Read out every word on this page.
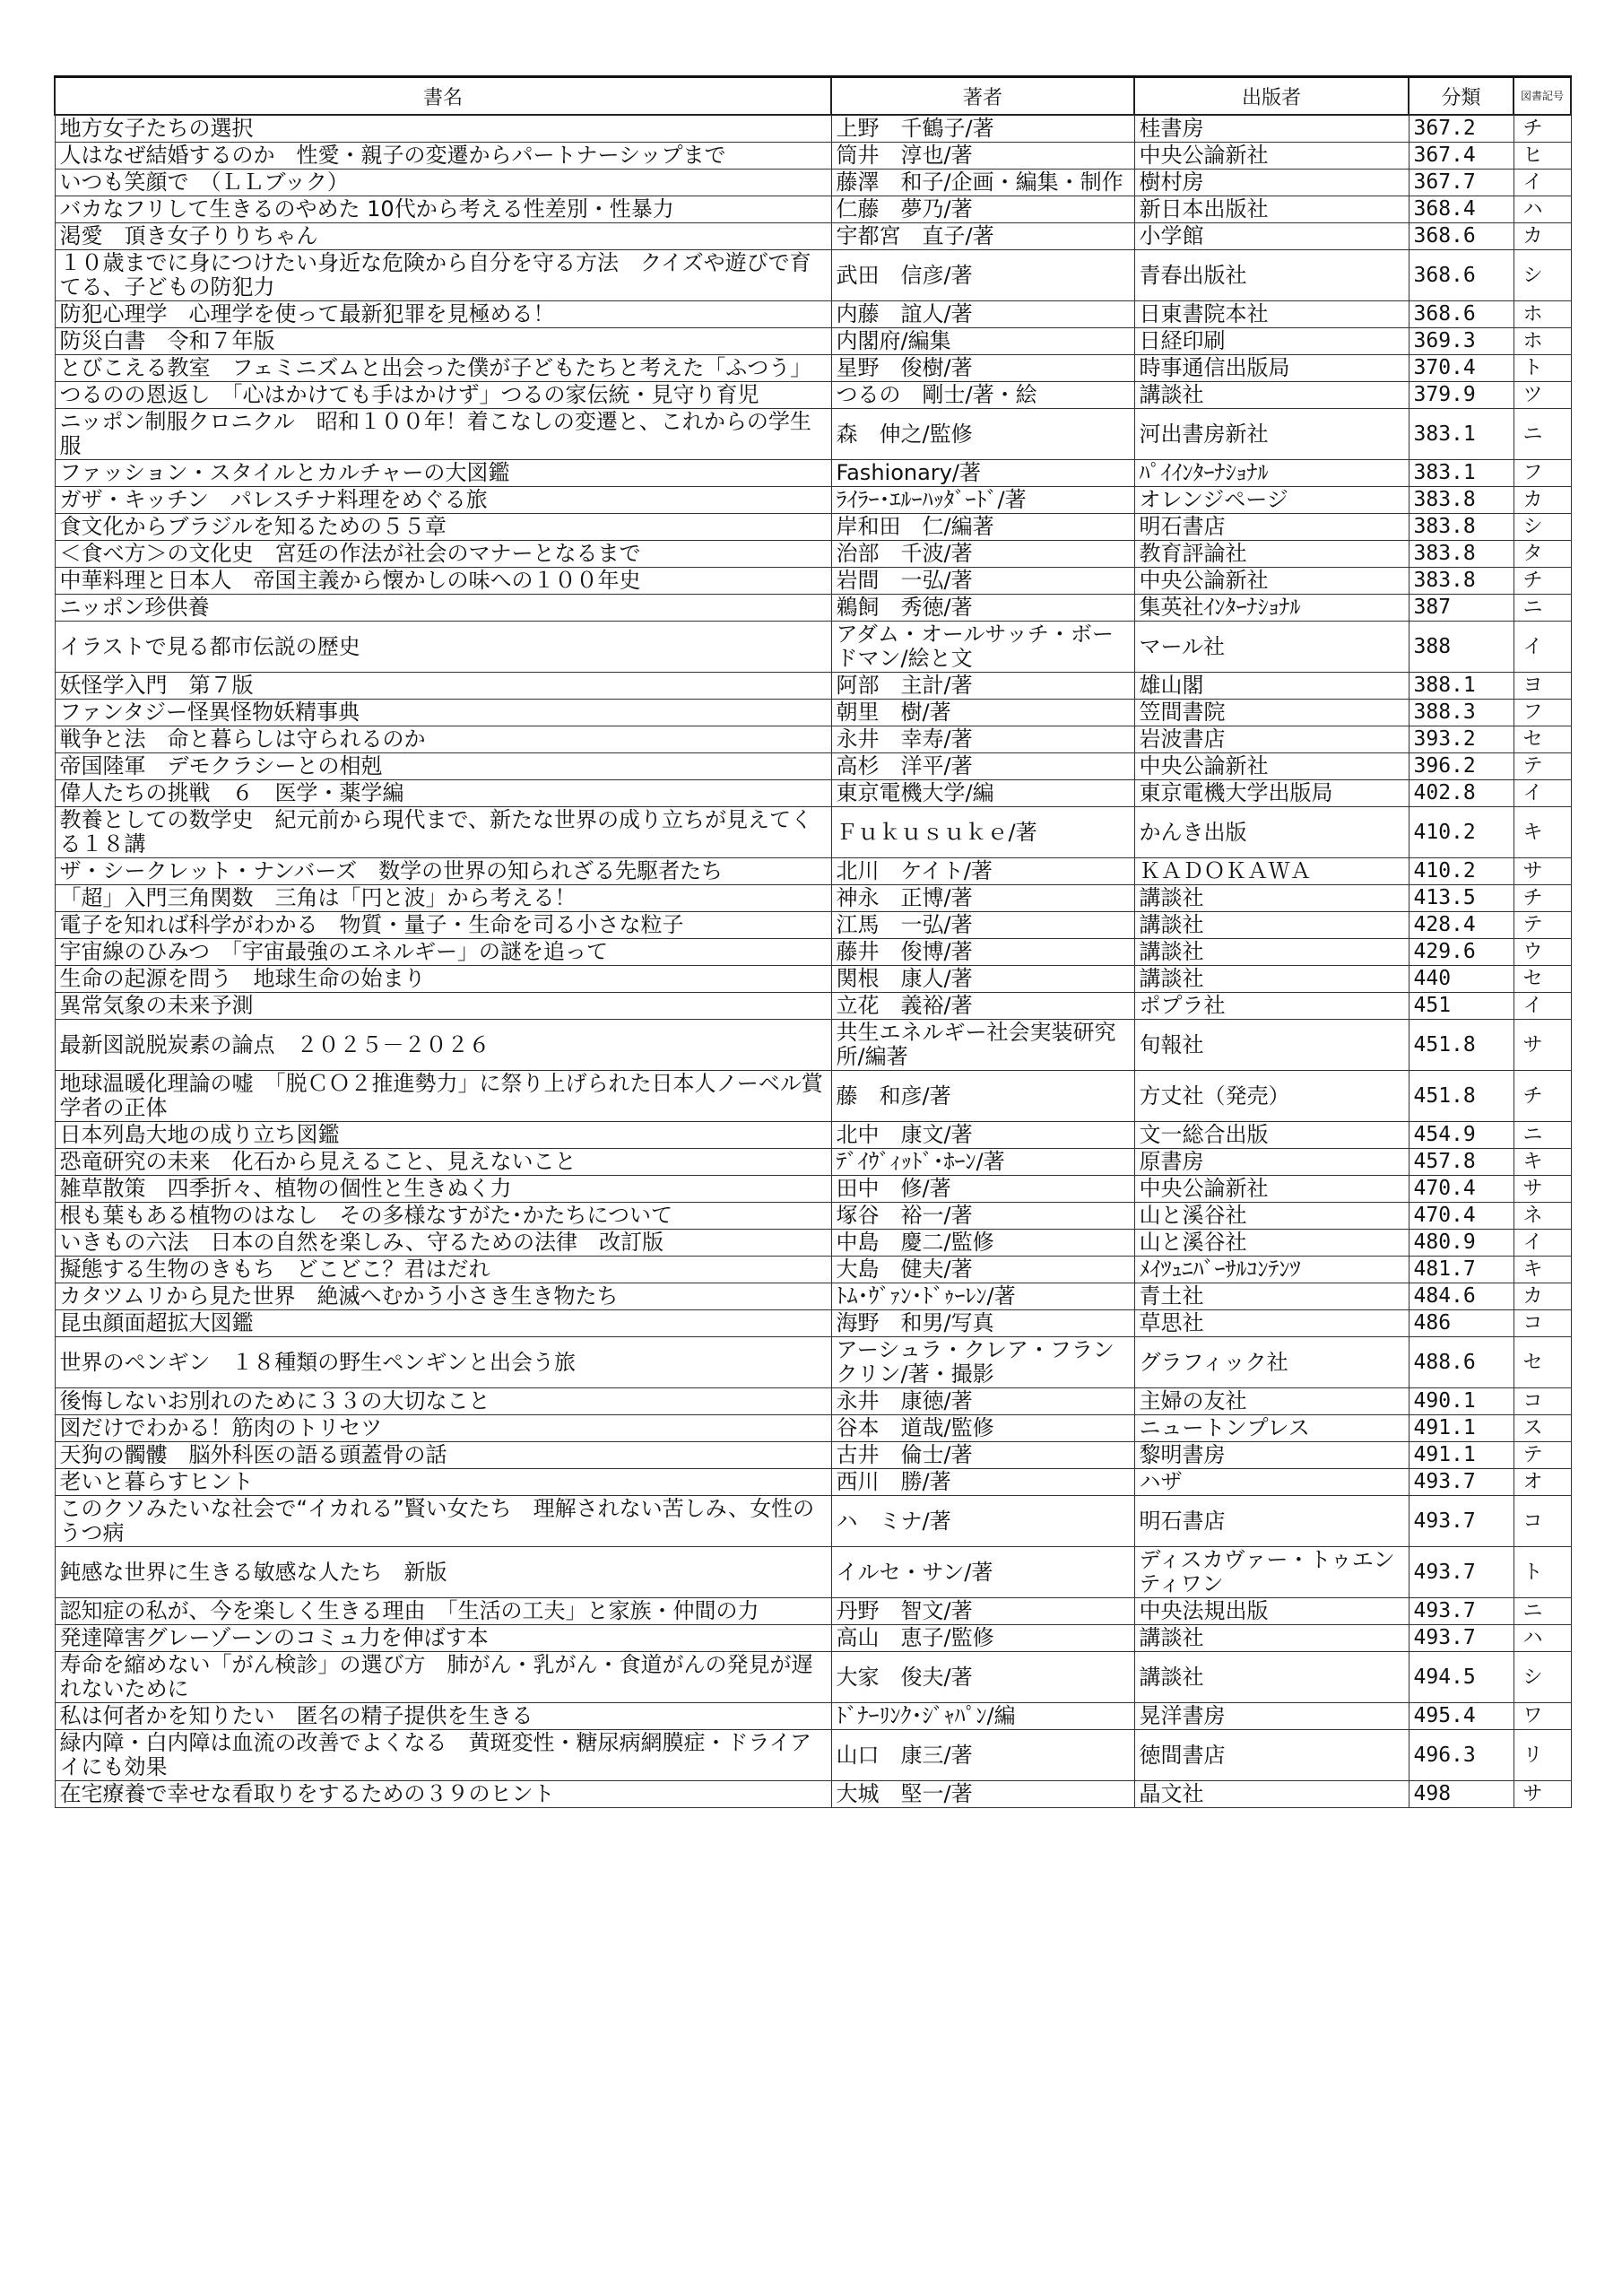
書名	著者	出版者	分類	図書記号
地方女子たちの選択	上野　千鶴子/著	桂書房	367.2	チ
人はなぜ結婚するのか　性愛・親子の変遷からパートナーシップまで	筒井　淳也/著	中央公論新社	367.4	ヒ
いつも笑顔で　（ＬＬブック）	藤澤　和子/企画・編集・制作	樹村房	367.7	イ
バカなフリして生きるのやめた 10代から考える性差別・性暴力	仁藤　夢乃/著	新日本出版社	368.4	ハ
渇愛　頂き女子りりちゃん	宇都宮　直子/著	小学館	368.6	カ
１０歳までに身につけたい身近な危険から自分を守る方法　クイズや遊びで育てる、子どもの防犯力	武田　信彦/著	青春出版社	368.6	シ
防犯心理学　心理学を使って最新犯罪を見極める！	内藤　誼人/著	日東書院本社	368.6	ホ
防災白書　令和７年版	内閣府/編集	日経印刷	369.3	ホ
とびこえる教室　フェミニズムと出会った僕が子どもたちと考えた「ふつう」	星野　俊樹/著	時事通信出版局	370.4	ト
つるのの恩返し　「心はかけても手はかけず」つるの家伝統・見守り育児	つるの　剛士/著・絵	講談社	379.9	ツ
ニッポン制服クロニクル　昭和１００年！着こなしの変遷と、これからの学生服	森　伸之/監修	河出書房新社	383.1	ニ
ファッション・スタイルとカルチャーの大図鑑	Fashionary/著	ﾊﾟｲｲﾝﾀｰﾅｼｮﾅﾙ	383.1	フ
ガザ・キッチン　パレスチナ料理をめぐる旅	ﾗｲﾗｰ･ｴﾙｰﾊｯﾀﾞｰﾄﾞ/著	オレンジページ	383.8	カ
食文化からブラジルを知るための５５章	岸和田　仁/編著	明石書店	383.8	シ
＜食べ方＞の文化史　宮廷の作法が社会のマナーとなるまで	治部　千波/著	教育評論社	383.8	タ
中華料理と日本人　帝国主義から懐かしの味への１００年史	岩間　一弘/著	中央公論新社	383.8	チ
ニッポン珍供養	鵜飼　秀徳/著	集英社ｲﾝﾀｰﾅｼｮﾅﾙ	387	ニ
イラストで見る都市伝説の歴史	アダム・オールサッチ・ボードマン/絵と文	マール社	388	イ
妖怪学入門　第７版	阿部　主計/著	雄山閣	388.1	ヨ
ファンタジー怪異怪物妖精事典	朝里　樹/著	笠間書院	388.3	フ
戦争と法　命と暮らしは守られるのか	永井　幸寿/著	岩波書店	393.2	セ
帝国陸軍　デモクラシーとの相剋	高杉　洋平/著	中央公論新社	396.2	テ
偉人たちの挑戦　６　医学・薬学編	東京電機大学/編	東京電機大学出版局	402.8	イ
教養としての数学史　紀元前から現代まで、新たな世界の成り立ちが見えてくる１８講	Ｆｕｋｕｓｕｋｅ/著	かんき出版	410.2	キ
ザ・シークレット・ナンバーズ　数学の世界の知られざる先駆者たち	北川　ケイト/著	ＫＡＤＯＫＡＷＡ	410.2	サ
「超」入門三角関数　三角は「円と波」から考える！	神永　正博/著	講談社	413.5	チ
電子を知れば科学がわかる　物質・量子・生命を司る小さな粒子	江馬　一弘/著	講談社	428.4	テ
宇宙線のひみつ　「宇宙最強のエネルギー」の謎を追って	藤井　俊博/著	講談社	429.6	ウ
生命の起源を問う　地球生命の始まり	関根　康人/著	講談社	440	セ
異常気象の未来予測	立花　義裕/著	ポプラ社	451	イ
最新図説脱炭素の論点　２０２５－２０２６	共生エネルギー社会実装研究所/編著	旬報社	451.8	サ
地球温暖化理論の嘘　「脱ＣＯ２推進勢力」に祭り上げられた日本人ノーベル賞学者の正体	藤　和彦/著	方丈社（発売）	451.8	チ
日本列島大地の成り立ち図鑑	北中　康文/著	文一総合出版	454.9	ニ
恐竜研究の未来　化石から見えること、見えないこと	ﾃﾞｲｳﾞｨｯﾄﾞ･ﾎｰﾝ/著	原書房	457.8	キ
雑草散策　四季折々、植物の個性と生きぬく力	田中　修/著	中央公論新社	470.4	サ
根も葉もある植物のはなし　その多様なすがた･かたちについて	塚谷　裕一/著	山と溪谷社	470.4	ネ
いきもの六法　日本の自然を楽しみ、守るための法律　改訂版	中島　慶二/監修	山と溪谷社	480.9	イ
擬態する生物のきもち　どこどこ？君はだれ	大島　健夫/著	ﾒｲﾂｭﾆﾊﾞｰｻﾙｺﾝﾃﾝﾂ	481.7	キ
カタツムリから見た世界　絶滅へむかう小さき生き物たち	ﾄﾑ･ｳﾞｧﾝ･ﾄﾞｩｰﾚﾝ/著	青土社	484.6	カ
昆虫顔面超拡大図鑑	海野　和男/写真	草思社	486	コ
世界のペンギン　１８種類の野生ペンギンと出会う旅	アーシュラ・クレア・フランクリン/著・撮影	グラフィック社	488.6	セ
後悔しないお別れのために３３の大切なこと	永井　康徳/著	主婦の友社	490.1	コ
図だけでわかる！筋肉のトリセツ	谷本　道哉/監修	ニュートンプレス	491.1	ス
天狗の髑髏　脳外科医の語る頭蓋骨の話	古井　倫士/著	黎明書房	491.1	テ
老いと暮らすヒント	西川　勝/著	ハザ	493.7	オ
このクソみたいな社会で“イカれる”賢い女たち　理解されない苦しみ、女性のうつ病	ハ　ミナ/著	明石書店	493.7	コ
鈍感な世界に生きる敏感な人たち　新版	イルセ・サン/著	ディスカヴァー・トゥエンティワン	493.7	ト
認知症の私が、今を楽しく生きる理由　「生活の工夫」と家族・仲間の力	丹野　智文/著	中央法規出版	493.7	ニ
発達障害グレーゾーンのコミュ力を伸ばす本	高山　恵子/監修	講談社	493.7	ハ
寿命を縮めない「がん検診」の選び方　肺がん・乳がん・食道がんの発見が遅れないために	大家　俊夫/著	講談社	494.5	シ
私は何者かを知りたい　匿名の精子提供を生きる	ﾄﾞﾅｰﾘﾝｸ･ｼﾞｬﾊﾟﾝ/編	晃洋書房	495.4	ワ
緑内障・白内障は血流の改善でよくなる　黄斑変性・糖尿病網膜症・ドライアイにも効果	山口　康三/著	徳間書店	496.3	リ
在宅療養で幸せな看取りをするための３９のヒント	大城　堅一/著	晶文社	498	サ
